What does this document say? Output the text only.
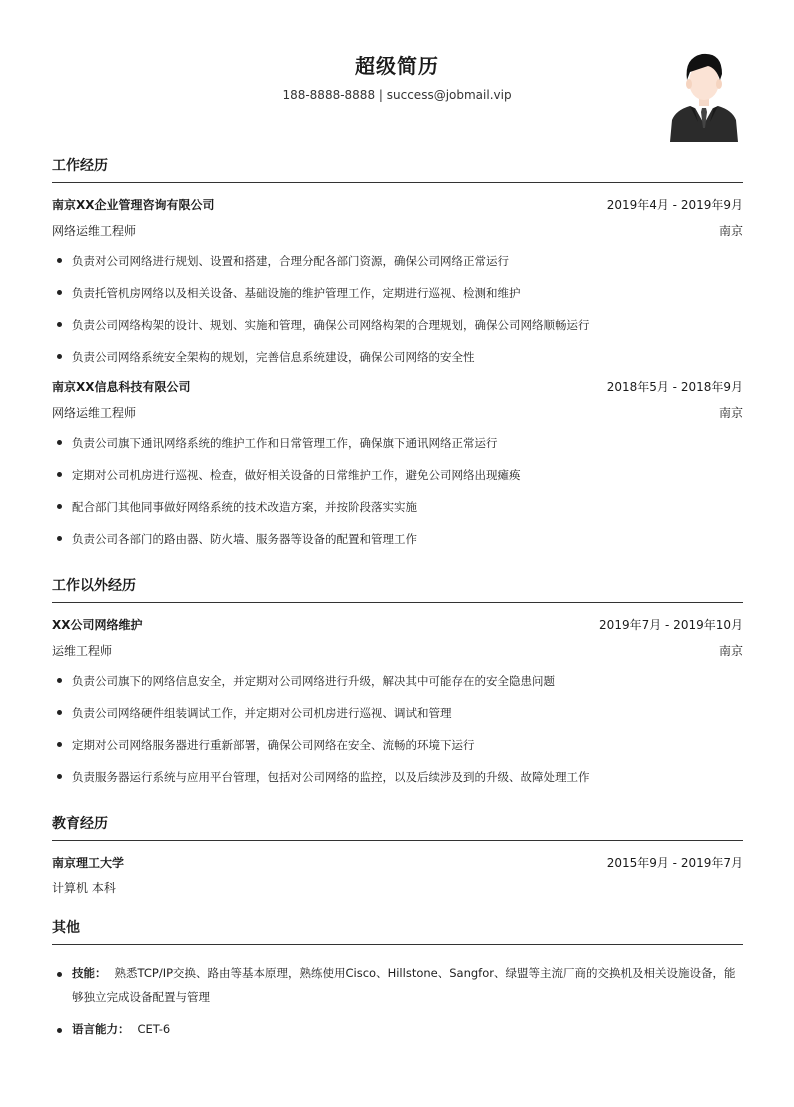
超级简历
188-8888-8888 | success@jobmail.vip
工作经历
南京XX企业管理咨询有限公司	2019年4月 - 2019年9月
网络运维工程师	南京
负责对公司网络进行规划、设置和搭建，合理分配各部门资源，确保公司网络正常运行
负责托管机房网络以及相关设备、基础设施的维护管理工作，定期进行巡视、检测和维护
负责公司网络构架的设计、规划、实施和管理，确保公司网络构架的合理规划，确保公司网络顺畅运行
负责公司网络系统安全架构的规划，完善信息系统建设，确保公司网络的安全性
南京XX信息科技有限公司	2018年5月 - 2018年9月
网络运维工程师	南京
负责公司旗下通讯网络系统的维护工作和日常管理工作，确保旗下通讯网络正常运行
定期对公司机房进行巡视、检查，做好相关设备的日常维护工作，避免公司网络出现瘫痪
配合部门其他同事做好网络系统的技术改造方案，并按阶段落实实施
负责公司各部门的路由器、防火墙、服务器等设备的配置和管理工作
工作以外经历
XX公司网络维护	2019年7月 - 2019年10月
运维工程师	南京
负责公司旗下的网络信息安全，并定期对公司网络进行升级，解决其中可能存在的安全隐患问题
负责公司网络硬件组装调试工作，并定期对公司机房进行巡视、调试和管理
定期对公司网络服务器进行重新部署，确保公司网络在安全、流畅的环境下运行
负责服务器运行系统与应用平台管理，包括对公司网络的监控，以及后续涉及到的升级、故障处理工作
教育经历
南京理工大学	2015年9月 - 2019年7月
计算机 本科
其他
技能： 熟悉TCP/IP交换、路由等基本原理，熟练使用Cisco、Hillstone、Sangfor、绿盟等主流厂商的交换机及相关设施设备，能够独立完成设备配置与管理
语言能力： CET-6
